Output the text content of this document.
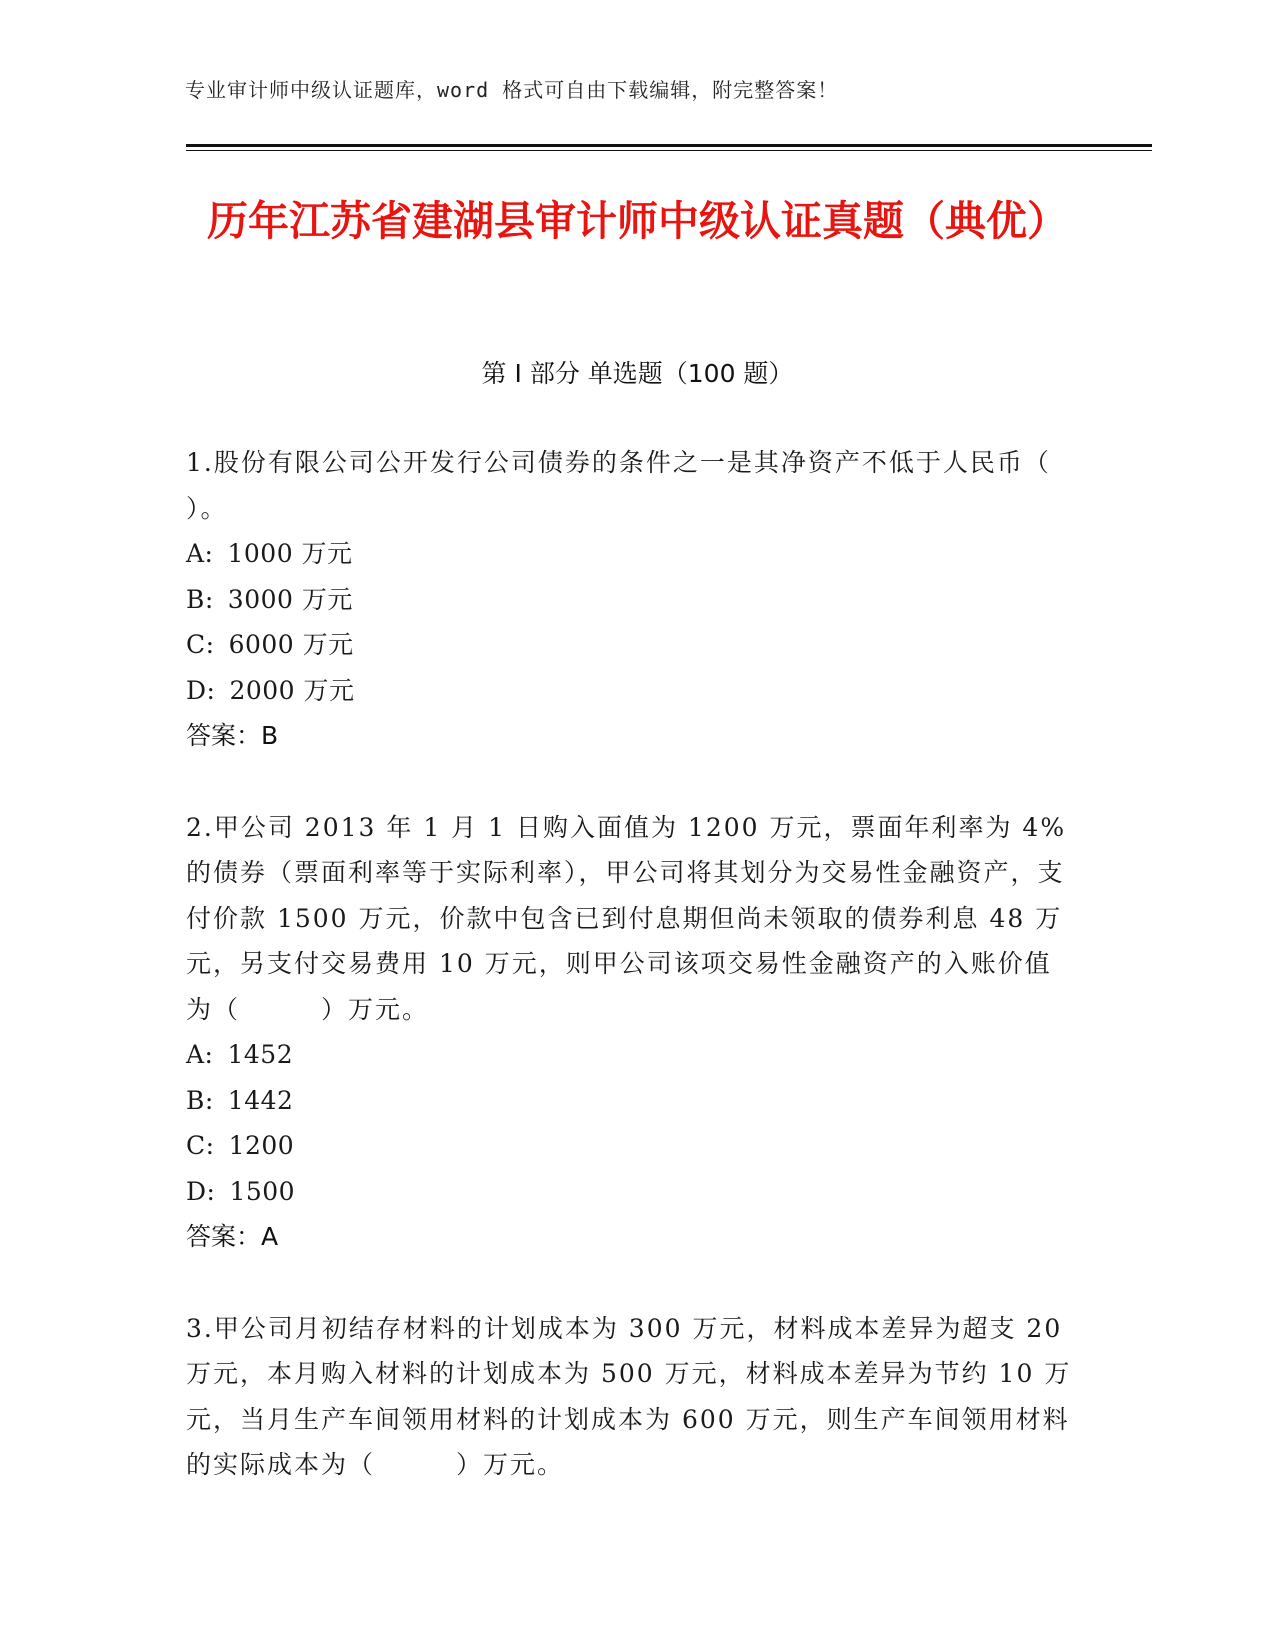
专业审计师中级认证题库，word 格式可自由下载编辑，附完整答案！
历年江苏省建湖县审计师中级认证真题（典优）
第 I 部分 单选题（100 题）
1.股份有限公司公开发行公司债券的条件之一是其净资产不低于人民币（　　）。
A: 1000 万元
B: 3000 万元
C: 6000 万元
D: 2000 万元
答案：B
2.甲公司 2013 年 1 月 1 日购入面值为 1200 万元，票面年利率为 4%的债券（票面利率等于实际利率），甲公司将其划分为交易性金融资产，支付价款 1500 万元，价款中包含已到付息期但尚未领取的债券利息 48 万元，另支付交易费用 10 万元，则甲公司该项交易性金融资产的入账价值为（　　　）万元。
A: 1452
B: 1442
C: 1200
D: 1500
答案：A
3.甲公司月初结存材料的计划成本为 300 万元，材料成本差异为超支 20 万元，本月购入材料的计划成本为 500 万元，材料成本差异为节约 10 万元，当月生产车间领用材料的计划成本为 600 万元，则生产车间领用材料的实际成本为（　　　）万元。
